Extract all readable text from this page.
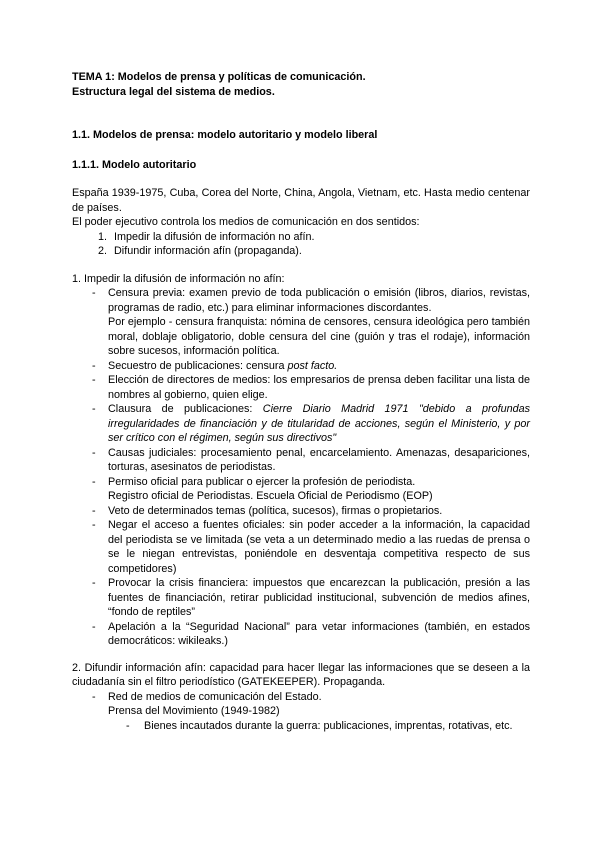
TEMA 1: Modelos de prensa y políticas de comunicación.

Estructura legal del sistema de medios.

1.1. Modelos de prensa: modelo autoritario y modelo liberal

1.1.1. Modelo autoritario

España 1939-1975, Cuba, Corea del Norte, China, Angola, Vietnam, etc. Hasta medio centenar de países.

El poder ejecutivo controla los medios de comunicación en dos sentidos:

1. Impedir la difusión de información no afín.
2. Difundir información afín (propaganda).

1. Impedir la difusión de información no afín:

- Censura previa: examen previo de toda publicación o emisión (libros, diarios, revistas, programas de radio, etc.) para eliminar informaciones discordantes.
Por ejemplo - censura franquista: nómina de censores, censura ideológica pero también moral, doblaje obligatorio, doble censura del cine (guión y tras el rodaje), información sobre sucesos, información política.
- Secuestro de publicaciones: censura post facto.
- Elección de directores de medios: los empresarios de prensa deben facilitar una lista de nombres al gobierno, quien elige.
- Clausura de publicaciones: Cierre Diario Madrid 1971 "debido a profundas irregularidades de financiación y de titularidad de acciones, según el Ministerio, y por ser crítico con el régimen, según sus directivos"
- Causas judiciales: procesamiento penal, encarcelamiento. Amenazas, desapariciones, torturas, asesinatos de periodistas.
- Permiso oficial para publicar o ejercer la profesión de periodista.
Registro oficial de Periodistas. Escuela Oficial de Periodismo (EOP)
- Veto de determinados temas (política, sucesos), firmas o propietarios.
- Negar el acceso a fuentes oficiales: sin poder acceder a la información, la capacidad del periodista se ve limitada (se veta a un determinado medio a las ruedas de prensa o se le niegan entrevistas, poniéndole en desventaja competitiva respecto de sus competidores)
- Provocar la crisis financiera: impuestos que encarezcan la publicación, presión a las fuentes de financiación, retirar publicidad institucional, subvención de medios afines, “fondo de reptiles”
- Apelación a la “Seguridad Nacional” para vetar informaciones (también, en estados democráticos: wikileaks.)

2. Difundir información afín: capacidad para hacer llegar las informaciones que se deseen a la ciudadanía sin el filtro periodístico (GATEKEEPER). Propaganda.

- Red de medios de comunicación del Estado.
Prensa del Movimiento (1949-1982)
- Bienes incautados durante la guerra: publicaciones, imprentas, rotativas, etc.
